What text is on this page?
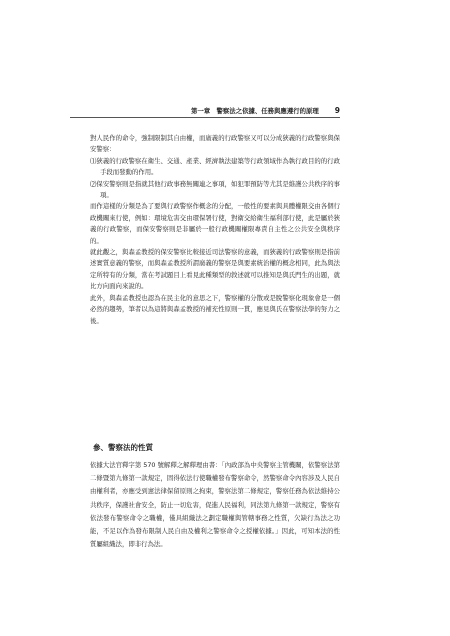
第一章　警察法之依據、任務與應遵行的原理 9

對人民作的命令，強制限制其自由權，而廣義的行政警察又可以分成狹義的行政警察與保安警察：

⑴狹義的行政警察在衛生、交通、產業、經濟執法建築等行政領域作為執行政目的的行政手段而發動的作用。

⑵保安警察則是指就其他行政事務無關連之事項，如犯罪預防等尤其是維護公共秩序的事項。

而作這樣的分類是為了要與行政警察作概念的分配，一般性的要素與具體權限交由各個行政機關來行使，例如：環境危害交由環保署行使，對衛交給衛生福利部行使，此是屬於狹義的行政警察，而保安警察則是非屬於一般行政機關權限專責自主性之公共安全與秩序的。

就此觀之，與森孟教授的保安警察比較接近司法警察的意義，而狹義的行政警察則是指前述實質意義的警察，而與森孟教授所謂廣義的警察是與要素統治權的概念相同，此為與法定所特有的分類，當在考試題目上看見此種類型的敘述就可以推知是與氏門生的出題，就比方向面向來說的。

此外，與森孟教授也認為在民主化的意思之下，警察權的分散或是脫警察化現象會是一個必然的趨勢，筆者以為這將與森孟教授的補充性原則一貫，應見與氏在警察法學的努力之後。

參、警察法的性質

依據大法官釋字第 570 號解釋之解釋理由書：「內政部為中央警察主管機關，依警察法第二條暨第九條第一款規定，固得依法行使職權發布警察命令，然警察命令內容涉及人民自由權利者，亦應受到憲法律保留原則之拘束，警察法第二條規定，警察任務為依法維持公共秩序，保護社會安全，防止一切危害，促進人民福利，同法第九條第一款規定，警察有依法發布警察命令之職權，僅具組織法之劃定職權與管轄事務之性質，欠缺行為法之功能，不足以作為發布限制人民自由及權利之警察命令之授權依據。」因此，可知本法的性質屬組織法，即非行為法。
